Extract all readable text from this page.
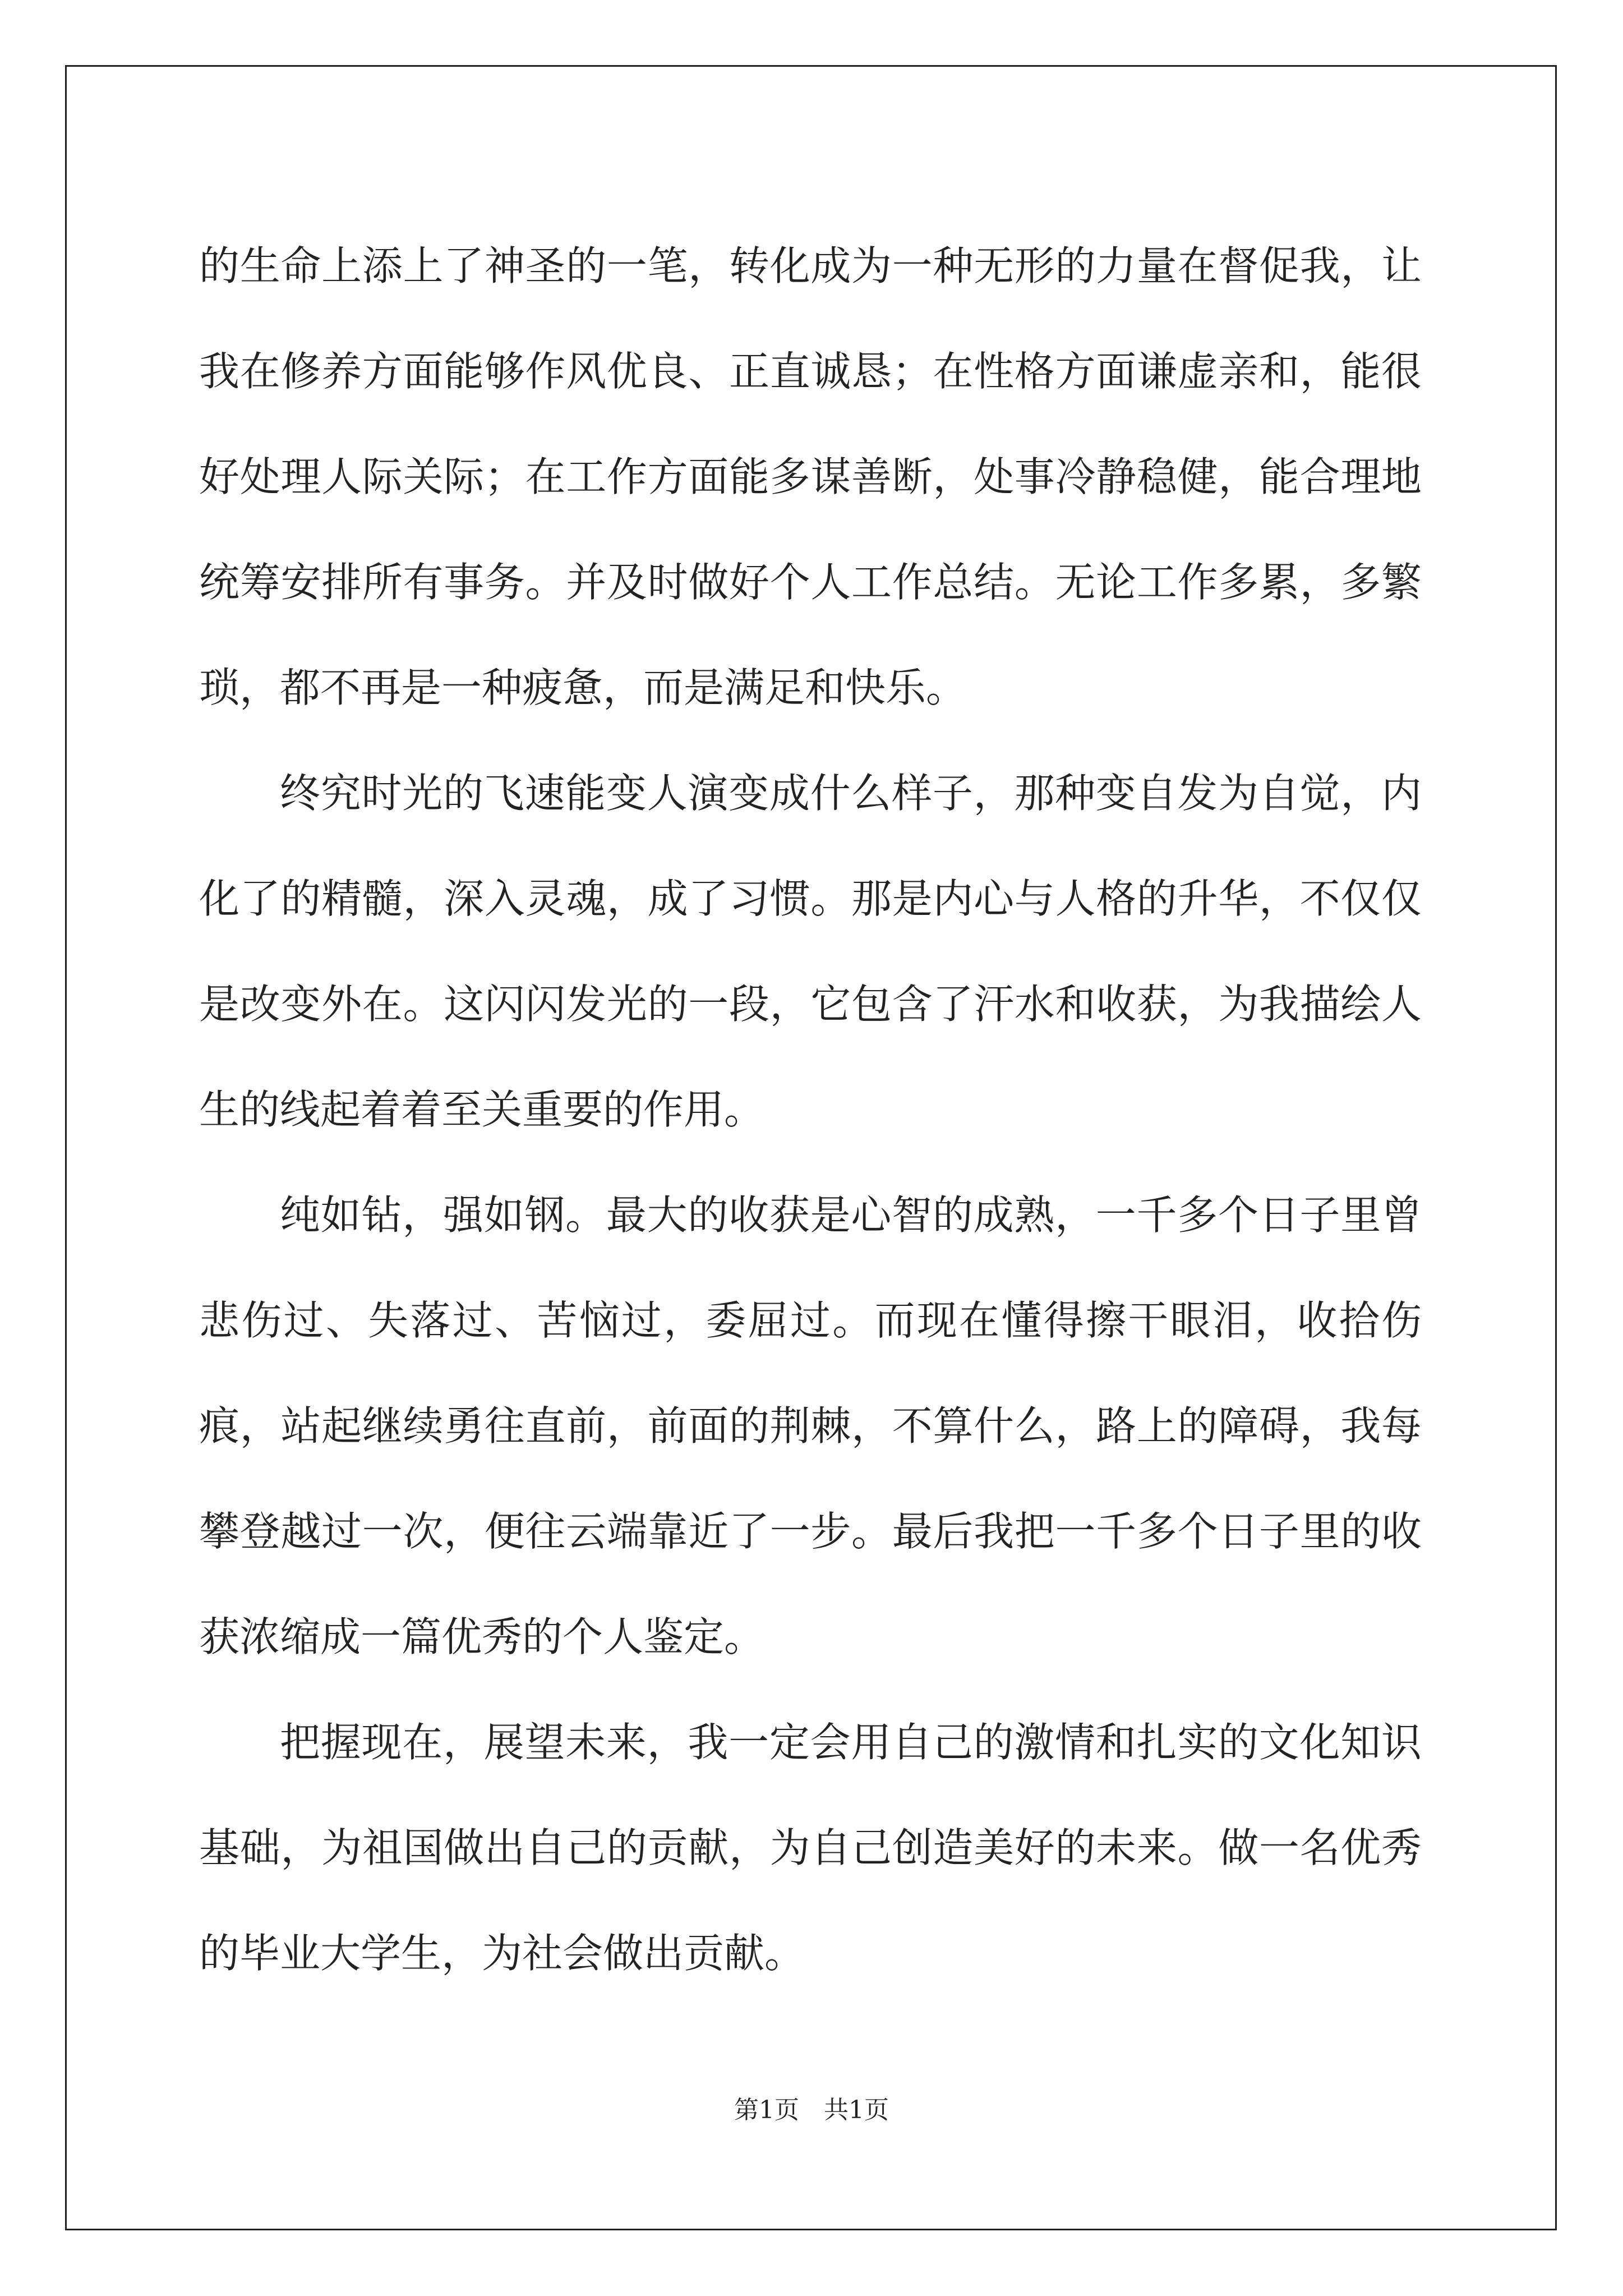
的生命上添上了神圣的一笔，转化成为一种无形的力量在督促我，让我在修养方面能够作风优良、正直诚恳；在性格方面谦虚亲和，能很好处理人际关际；在工作方面能多谋善断，处事冷静稳健，能合理地统筹安排所有事务。并及时做好个人工作总结。无论工作多累，多繁琐，都不再是一种疲惫，而是满足和快乐。

终究时光的飞速能变人演变成什么样子，那种变自发为自觉，内化了的精髓，深入灵魂，成了习惯。那是内心与人格的升华，不仅仅是改变外在。这闪闪发光的一段，它包含了汗水和收获，为我描绘人生的线起着着至关重要的作用。

纯如钻，强如钢。最大的收获是心智的成熟，一千多个日子里曾悲伤过、失落过、苦恼过，委屈过。而现在懂得擦干眼泪，收拾伤痕，站起继续勇往直前，前面的荆棘，不算什么，路上的障碍，我每攀登越过一次，便往云端靠近了一步。最后我把一千多个日子里的收获浓缩成一篇优秀的个人鉴定。

把握现在，展望未来，我一定会用自己的激情和扎实的文化知识基础，为祖国做出自己的贡献，为自己创造美好的未来。做一名优秀的毕业大学生，为社会做出贡献。

第1页　共1页
